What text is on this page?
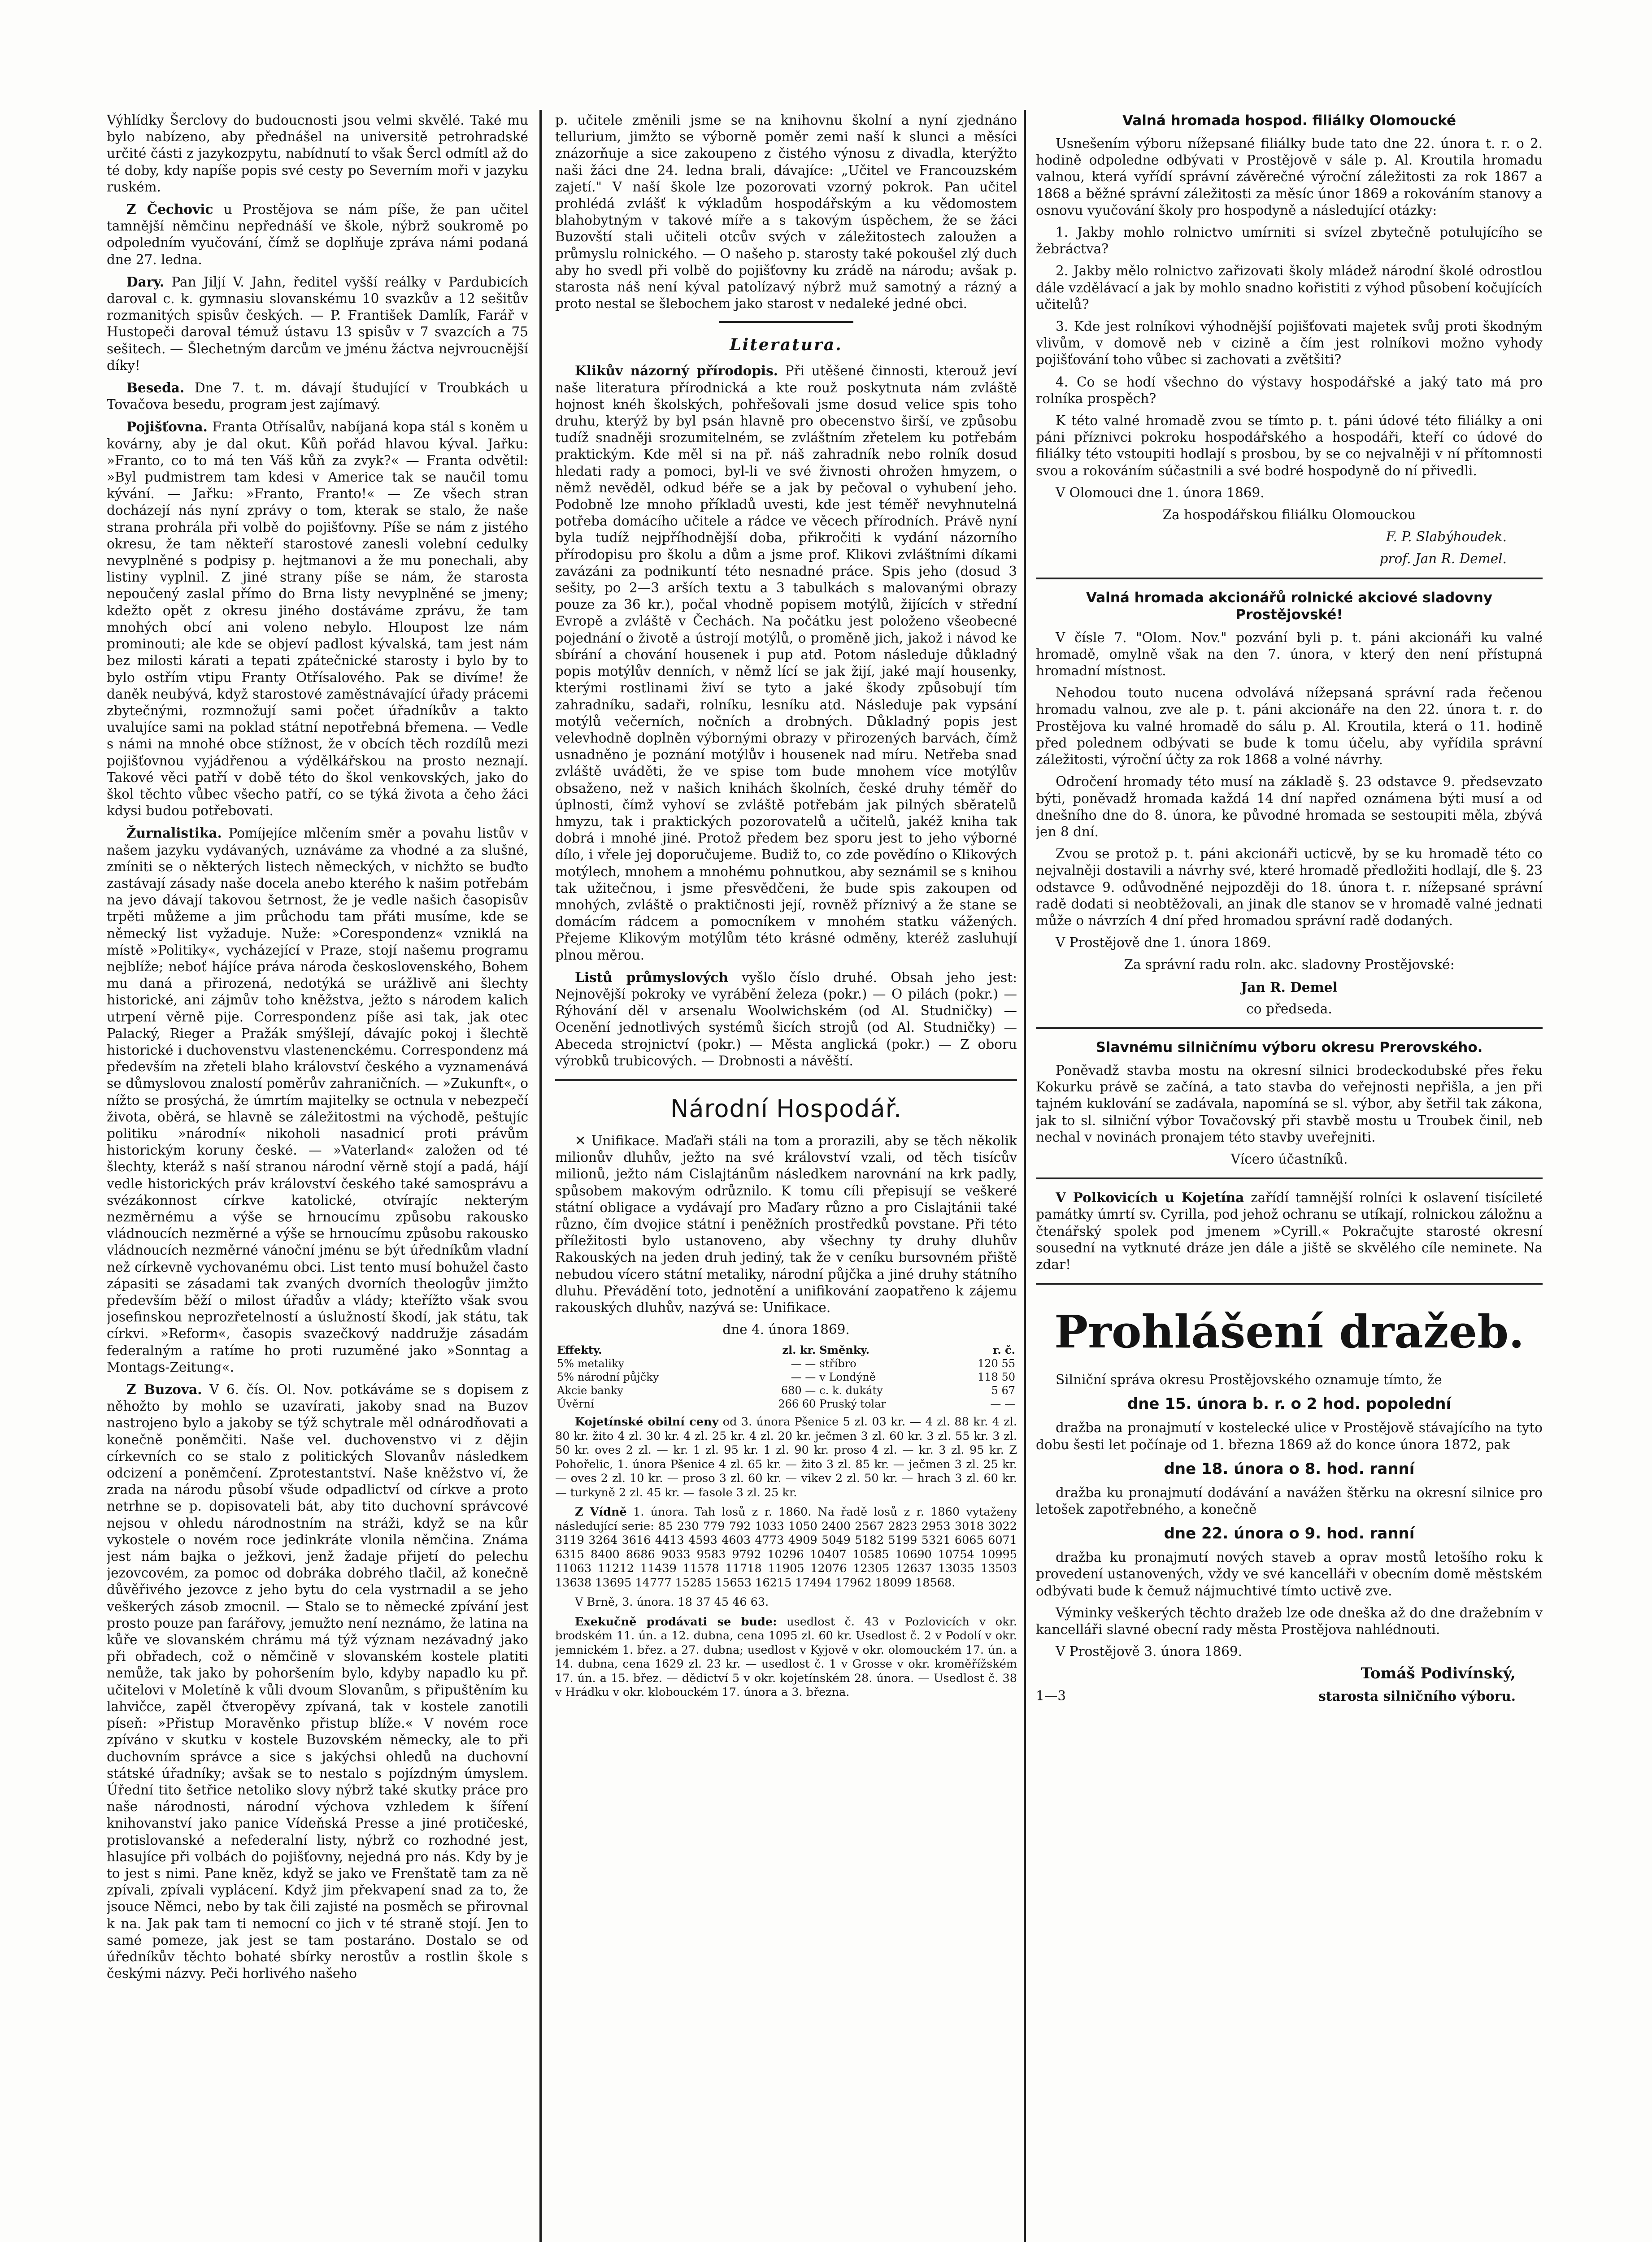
Výhlídky Šerclovy do budoucnosti jsou velmi skvělé. Také mu bylo nabízeno, aby přednášel na universitě petrohradské určité části z jazykozpytu, nabídnutí to však Šercl odmítl až do té doby, kdy napíše popis své cesty po Severním moři v jazyku ruském.

Z Čechovic u Prostějova se nám píše, že pan učitel tamnější němčinu nepřednáší ve škole, nýbrž soukromě po odpoledním vyučování, čímž se doplňuje zpráva námi podaná dne 27. ledna.

Dary. Pan Jiljí V. Jahn, ředitel vyšší reálky v Pardubicích daroval c. k. gymnasiu slovanskému 10 svazkův a 12 sešitův rozmanitých spisův českých. — P. František Damlík, Farář v Hustopeči daroval témuž ústavu 13 spisův v 7 svazcích a 75 sešitech. — Šlechetným darcům ve jménu žáctva nejvroucnější díky!

Beseda. Dne 7. t. m. dávají študující v Troubkách u Tovačova besedu, program jest zajímavý.

Pojišťovna. Franta Otřísalův, nabíjaná kopa stál s koněm u kovárny, aby je dal okut. Kůň pořád hlavou kýval. Jařku: »Franto, co to má ten Váš kůň za zvyk?« — Franta odvětil: »Byl pudmistrem tam kdesi v Americe tak se naučil tomu kývání. — Jařku: »Franto, Franto!« — Ze všech stran docházejí nás nyní zprávy o tom, kterak se stalo, že naše strana prohrála při volbě do pojišťovny. Píše se nám z jistého okresu, že tam někteří starostové zanesli volební cedulky nevyplněné s podpisy p. hejtmanovi a že mu ponechali, aby listiny vyplnil. Z jiné strany píše se nám, že starosta nepoučený zaslal přímo do Brna listy nevyplněné se jmeny; kdežto opět z okresu jiného dostáváme zprávu, že tam mnohých obcí ani voleno nebylo. Hloupost lze nám prominouti; ale kde se objeví padlost kývalská, tam jest nám bez milosti kárati a tepati zpátečnické starosty i bylo by to bylo ostřím vtipu Franty Otřísalového. Pak se divíme! že daněk neubývá, když starostové zaměstnávající úřady prácemi zbytečnými, rozmnožují sami počet úřadníkův a takto uvalujíce sami na poklad státní nepotřebná břemena. — Vedle s námi na mnohé obce stížnost, že v obcích těch rozdílů mezi pojišťovnou vyjádřenou a výdělkářskou na prosto neznají. Takové věci patří v době této do škol venkovských, jako do škol těchto vůbec všecho patří, co se týká života a čeho žáci kdysi budou potřebovati.

Žurnalistika. Pomíjejíce mlčením směr a povahu listův v našem jazyku vydávaných, uznáváme za vhodné a za slušné, zmíniti se o některých listech německých, v nichžto se buďto zastávají zásady naše docela anebo kterého k našim potřebám na jevo dávají takovou šetrnost, že je vedle našich časopisův trpěti můžeme a jim průchodu tam přáti musíme, kde se německý list vyžaduje. Nuže: »Corespondenz« vzniklá na místě »Politiky«, vycházející v Praze, stojí našemu programu nejblíže; neboť hájíce práva národa československého, Bohem mu daná a přirozená, nedotýká se urážlivě ani šlechty historické, ani zájmův toho kněžstva, ježto s národem kalich utrpení věrně pije. Correspondenz píše asi tak, jak otec Palacký, Rieger a Pražák smýšlejí, dávajíc pokoj i šlechtě historické i duchovenstvu vlastenenckému. Correspondenz má především na zřeteli blaho království českého a vyznamenává se důmyslovou znalostí poměrův zahraničních. — »Zukunft«, o nížto se prosýchá, že úmrtím majitelky se octnula v nebezpečí života, oběrá, se hlavně se záležitostmi na východě, peštujíc politiku »národní« nikoholi nasadnicí proti právům historickým koruny české. — »Vaterland« založen od té šlechty, kteráž s naší stranou národní věrně stojí a padá, hájí vedle historických práv království českého také samosprávu a svézákonnost církve katolické, otvírajíc nekterým nezměrnému a výše se hrnoucímu způsobu rakousko vládnoucích nezměrné a výše se hrnoucímu způsobu rakousko vládnoucích nezměrné vánoční jménu se být úředníkům vladní než církevně vychovanému obci. List tento musí bohužel často zápasiti se zásadami tak zvaných dvorních theologův jimžto především běží o milost úřadův a vlády; kteřížto však svou josefinskou neprozřetelností a úslužností škodí, jak státu, tak církvi. »Reform«, časopis svazečkový naddružje zásadám federalným a ratíme ho proti ruzuměné jako »Sonntag a Montags-Zeitung«.

Z Buzova. V 6. čís. Ol. Nov. potkáváme se s dopisem z něhožto by mohlo se uzavírati, jakoby snad na Buzov nastrojeno bylo a jakoby se týž schytrale měl odnárodňovati a konečně poněmčiti. Naše vel. duchovenstvo vi z dějin církevních co se stalo z politických Slovanův následkem odcizení a poněmčení. Zprotestantství. Naše kněžstvo ví, že zrada na národu působí všude odpadlictví od církve a proto netrhne se p. dopisovateli bát, aby tito duchovní správcové nejsou v ohledu národnostním na stráži, když se na kůr vykostele o novém roce jedinkráte vlonila němčina. Známa jest nám bajka o ježkovi, jenž žadaje přijetí do pelechu jezovcovém, za pomoc od dobráka dobrého tlačil, až konečně důvěřivého jezovce z jeho bytu do cela vystrnadil a se jeho veškerých zásob zmocnil. — Stalo se to německé zpívání jest prosto pouze pan farářovy, jemužto není neznámo, že latina na kůře ve slovanském chrámu má týž význam nezávadný jako při obřadech, což o němčině v slovanském kostele platiti nemůže, tak jako by pohoršením bylo, kdyby napadlo ku př. učitelovi v Moletíně k vůli dvoum Slovanům, s připuštěním ku lahvičce, zapěl čtveropěvy zpívaná, tak v kostele zanotili píseň: »Přistup Moravěnko přistup blíže.« V novém roce zpíváno v skutku v kostele Buzovském německy, ale to při duchovním správce a sice s jakýchsi ohledů na duchovní státské úřadníky; avšak se to nestalo s pojízdným úmyslem. Úřední tito šetřice netoliko slovy nýbrž také skutky práce pro naše národnosti, národní výchova vzhledem k šíření knihovanství jako panice Vídeňská Presse a jiné protičeské, protislovanské a nefederalní listy, nýbrž co rozhodné jest, hlasujíce při volbách do pojišťovny, nejedná pro nás. Kdy by je to jest s nimi. Pane kněz, když se jako ve Frenštatě tam za ně zpívali, zpívali vyplácení. Když jim překvapení snad za to, že jsouce Němci, nebo by tak čili zajisté na posměch se přirovnal k na. Jak pak tam ti nemocní co jich v té straně stojí. Jen to samé pomeze, jak jest se tam postaráno. Dostalo se od úředníkův těchto bohaté sbírky nerostův a rostlin škole s českými názvy. Peči horlivého našeho

p. učitele změnili jsme se na knihovnu školní a nyní zjednáno tellurium, jimžto se výborně poměr zemi naší k slunci a měsíci znázorňuje a sice zakoupeno z čistého výnosu z divadla, kterýžto naši žáci dne 24. ledna brali, dávajíce: „Učitel ve Francouzském zajetí." V naší škole lze pozorovati vzorný pokrok. Pan učitel prohlédá zvlášť k výkladům hospodářským a ku vědomostem blahobytným v takové míře a s takovým úspěchem, že se žáci Buzovští stali učiteli otcův svých v záležitostech zaloužen a průmyslu rolnického. — O našeho p. starosty také pokoušel zlý duch aby ho svedl při volbě do pojišťovny ku zrádě na národu; avšak p. starosta náš není kýval patolízavý nýbrž muž samotný a rázný a proto nestal se šlebochem jako starost v nedaleké jedné obci.

Literatura.

Klikův názorný přírodopis. Při utěšené činnosti, kterouž jeví naše literatura přírodnická a kte rouž poskytnuta nám zvláště hojnost knéh školských, pohřešovali jsme dosud velice spis toho druhu, kterýž by byl psán hlavně pro obecenstvo širší, ve způsobu tudíž snadněji srozumitelném, se zvláštním zřetelem ku potřebám praktickým. Kde měl si na př. náš zahradník nebo rolník dosud hledati rady a pomoci, byl-li ve své živnosti ohrožen hmyzem, o němž nevěděl, odkud béře se a jak by pečoval o vyhubení jeho. Podobně lze mnoho příkladů uvesti, kde jest téměř nevyhnutelná potřeba domácího učitele a rádce ve věcech přírodních. Právě nyní byla tudíž nejpříhodnější doba, přikročiti k vydání názorního přírodopisu pro školu a dům a jsme prof. Klikovi zvláštními díkami zavázáni za podnikuntí této nesnadné práce. Spis jeho (dosud 3 sešity, po 2—3 arších textu a 3 tabulkách s malovanými obrazy pouze za 36 kr.), počal vhodně popisem motýlů, žijících v střední Evropě a zvláště v Čechách. Na počátku jest položeno všeobecné pojednání o životě a ústrojí motýlů, o proměně jich, jakož i návod ke sbírání a chování housenek i pup atd. Potom následuje důkladný popis motýlův denních, v němž lící se jak žijí, jaké mají housenky, kterými rostlinami živí se tyto a jaké škody způsobují tím zahradníku, sadaři, rolníku, lesníku atd. Následuje pak vypsání motýlů večerních, nočních a drobných. Důkladný popis jest velevhodně doplněn výbornými obrazy v přirozených barvách, čímž usnadněno je poznání motýlův i housenek nad míru. Netřeba snad zvláště uváděti, že ve spise tom bude mnohem více motýlův obsaženo, než v našich knihách školních, české druhy téměř do úplnosti, čímž vyhoví se zvláště potřebám jak pilných sběratelů hmyzu, tak i praktických pozorovatelů a učitelů, jakéž kniha tak dobrá i mnohé jiné. Protož předem bez sporu jest to jeho výborné dílo, i vřele jej doporučujeme. Budiž to, co zde povědíno o Klikových motýlech, mnohem a mnohému pohnutkou, aby seznámil se s knihou tak užitečnou, i jsme přesvědčeni, že bude spis zakoupen od mnohých, zvláště o praktičnosti její, rovněž příznivý a že stane se domácím rádcem a pomocníkem v mnohém statku vážených. Přejeme Klikovým motýlům této krásné odměny, kteréž zasluhují plnou měrou.

Listů průmyslových vyšlo číslo druhé. Obsah jeho jest: Nejnovější pokroky ve vyrábění železa (pokr.) — O pilách (pokr.) — Rýhování děl v arsenalu Woolwichském (od Al. Studničky) — Ocenění jednotlivých systémů šicích strojů (od Al. Studničky) — Abeceda strojnictví (pokr.) — Města anglická (pokr.) — Z oboru výrobků trubicových. — Drobnosti a návěští.

Národní Hospodář.

✕ Unifikace. Maďaři stáli na tom a prorazili, aby se těch několik milionův dluhův, ježto na své království vzali, od těch tisícův milionů, ježto nám Cislajtánům následkem narovnání na krk padly, spůsobem makovým odrůznilo. K tomu cíli přepisují se veškeré státní obligace a vydávají pro Maďary různo a pro Cislajtánii také různo, čím dvojice státní i peněžních prostředků povstane. Při této příležitosti bylo ustanoveno, aby všechny ty druhy dluhův Rakouských na jeden druh jediný, tak že v ceníku bursovném přiště nebudou vícero státní metaliky, národní půjčka a jiné druhy státního dluhu. Převádění toto, jednotění a unifikování zaopatřeno k zájemu rakouských dluhův, nazývá se: Unifikace.

dne 4. února 1869.

Effekty.	zl. kr.	Směnky.	r. č.
5% metaliky	— —	stříbro	120 55
5% národní půjčky	— —	v Londýně	118 50
Akcie banky	680 —	c. k. dukáty	5 67
Úvěrní	266 60	Pruský tolar	— —

Kojetínské obilní ceny od 3. února Pšenice 5 zl. 03 kr. — 4 zl. 88 kr. 4 zl. 80 kr. žito 4 zl. 30 kr. 4 zl. 25 kr. 4 zl. 20 kr. ječmen 3 zl. 60 kr. 3 zl. 55 kr. 3 zl. 50 kr. oves 2 zl. — kr. 1 zl. 95 kr. 1 zl. 90 kr. proso 4 zl. — kr. 3 zl. 95 kr. Z Pohořelic, 1. února Pšenice 4 zl. 65 kr. — žito 3 zl. 85 kr. — ječmen 3 zl. 25 kr. — oves 2 zl. 10 kr. — proso 3 zl. 60 kr. — vikev 2 zl. 50 kr. — hrach 3 zl. 60 kr. — turkyně 2 zl. 45 kr. — fasole 3 zl. 25 kr.

Z Vídně 1. února. Tah losů z r. 1860. Na řadě losů z r. 1860 vytaženy následující serie: 85 230 779 792 1033 1050 2400 2567 2823 2953 3018 3022 3119 3264 3616 4413 4593 4603 4773 4909 5049 5182 5199 5321 6065 6071 6315 8400 8686 9033 9583 9792 10296 10407 10585 10690 10754 10995 11063 11212 11439 11578 11718 11905 12076 12305 12637 13035 13503 13638 13695 14777 15285 15653 16215 17494 17962 18099 18568.

V Brně, 3. února. 18 37 45 46 63.

Exekučně prodávati se bude: usedlost č. 43 v Pozlovicích v okr. brodském 11. ún. a 12. dubna, cena 1095 zl. 60 kr. Usedlost č. 2 v Podolí v okr. jemnickém 1. břez. a 27. dubna; usedlost v Kyjově v okr. olomouckém 17. ún. a 14. dubna, cena 1629 zl. 23 kr. — usedlost č. 1 v Grosse v okr. kroměřížském 17. ún. a 15. břez. — dědictví 5 v okr. kojetínském 28. února. — Usedlost č. 38 v Hrádku v okr. klobouckém 17. února a 3. března.

Valná hromada hospod. filiálky Olomoucké

Usnešením výboru nížepsané filiálky bude tato dne 22. února t. r. o 2. hodině odpoledne odbývati v Prostějově v sále p. Al. Kroutila hromadu valnou, která vyřídí správní závěrečné výroční záležitosti za rok 1867 a 1868 a běžné správní záležitosti za měsíc únor 1869 a rokováním stanovy a osnovu vyučování školy pro hospodyně a následující otázky:

1. Jakby mohlo rolnictvo umírniti si svízel zbytečně potulujícího se žebráctva?

2. Jakby mělo rolnictvo zařizovati školy mládež národní školé odrostlou dále vzdělávací a jak by mohlo snadno kořistiti z výhod působení kočujících učitelů?

3. Kde jest rolníkovi výhodnější pojišťovati majetek svůj proti škodným vlivům, v domově neb v cizině a čím jest rolníkovi možno vyhody pojišťování toho vůbec si zachovati a zvětšiti?

4. Co se hodí všechno do výstavy hospodářské a jaký tato má pro rolníka prospěch?

K této valné hromadě zvou se tímto p. t. páni údové této filiálky a oni páni příznivci pokroku hospodářského a hospodáři, kteří co údové do filiálky této vstoupiti hodlají s prosbou, by se co nejvalněji v ní přítomnosti svou a rokováním súčastnili a své bodré hospodyně do ní přivedli.

V Olomouci dne 1. února 1869.

Za hospodářskou filiálku Olomouckou

F. P. Slabýhoudek.

prof. Jan R. Demel.

Valná hromada akcionářů rolnické akciové sladovny Prostějovské!

V čísle 7. "Olom. Nov." pozvání byli p. t. páni akcionáři ku valné hromadě, omylně však na den 7. února, v který den není přístupná hromadní místnost.

Nehodou touto nucena odvolává nížepsaná správní rada řečenou hromadu valnou, zve ale p. t. páni akcionáře na den 22. února t. r. do Prostějova ku valné hromadě do sálu p. Al. Kroutila, která o 11. hodině před polednem odbývati se bude k tomu účelu, aby vyřídila správní záležitosti, výroční účty za rok 1868 a volné návrhy.

Odročení hromady této musí na základě §. 23 odstavce 9. předsevzato býti, poněvadž hromada každá 14 dní napřed oznámena býti musí a od dnešního dne do 8. února, ke původné hromada se sestoupiti měla, zbývá jen 8 dní.

Zvou se protož p. t. páni akcionáři ucticvě, by se ku hromadě této co nejvalněji dostavili a návrhy své, které hromadě předložiti hodlají, dle §. 23 odstavce 9. odůvodněné nejpozději do 18. února t. r. nížepsané správní radě dodati si neobtěžovali, an jinak dle stanov se v hromadě valné jednati může o návrzích 4 dní před hromadou správní radě dodaných.

V Prostějově dne 1. února 1869.

Za správní radu roln. akc. sladovny Prostějovské:

Jan R. Demel

co předseda.

Slavnému silničnímu výboru okresu Prerovského.

Poněvadž stavba mostu na okresní silnici brodeckodubské přes řeku Kokurku právě se začíná, a tato stavba do veřejnosti nepřišla, a jen při tajném kuklování se zadávala, napomíná se sl. výbor, aby šetřil tak zákona, jak to sl. silniční výbor Tovačovský při stavbě mostu u Troubek činil, neb nechal v novinách pronajem této stavby uveřejniti.

Vícero účastníků.

V Polkovicích u Kojetína zařídí tamnější rolníci k oslavení tisícileté památky úmrtí sv. Cyrilla, pod jehož ochranu se utíkají, rolnickou záložnu a čtenářský spolek pod jmenem »Cyrill.« Pokračujte starosté okresní sousední na vytknuté dráze jen dále a jiště se skvělého cíle neminete. Na zdar!

Prohlášení dražeb.

Silniční správa okresu Prostějovského oznamuje tímto, že

dne 15. února b. r. o 2 hod. popolední

dražba na pronajmutí v kostelecké ulice v Prostějově stávajícího na tyto dobu šesti let počínaje od 1. března 1869 až do konce února 1872, pak

dne 18. února o 8. hod. ranní

dražba ku pronajmutí dodávání a navážen štěrku na okresní silnice pro letošek zapotřebného, a konečně

dne 22. února o 9. hod. ranní

dražba ku pronajmutí nových staveb a oprav mostů letošího roku k provedení ustanovených, vždy ve své kancelláři v obecním domě městském odbývati bude k čemuž nájmuchtivé tímto uctivě zve.

Výminky veškerých těchto dražeb lze ode dneška až do dne dražebním v kancelláři slavné obecní rady města Prostějova nahlédnouti.

V Prostějově 3. února 1869.

Tomáš Podivínský,

1—3	starosta silničního výboru.
